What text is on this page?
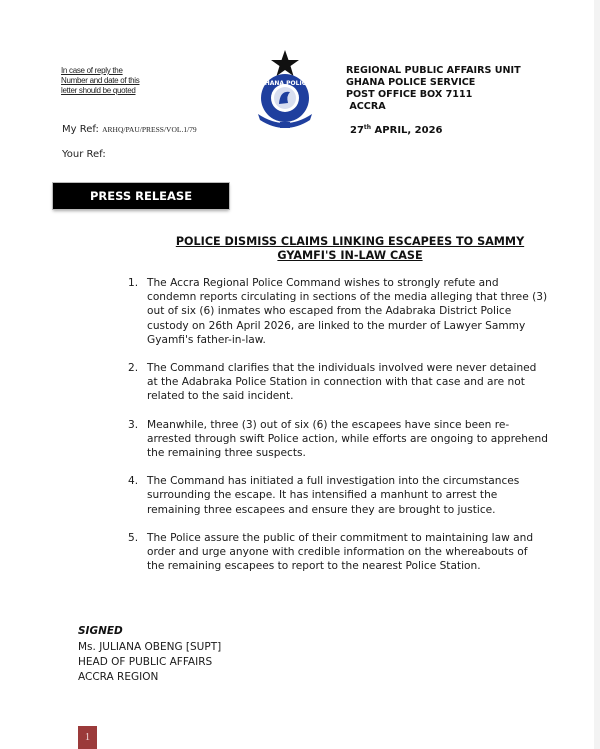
In case of reply the
Number and date of this
letter should be quoted
My Ref: ARHQ/PAU/PRESS/VOL.1/79
Your Ref:
GHANA POLICE
REGIONAL PUBLIC AFFAIRS UNIT
GHANA POLICE SERVICE
POST OFFICE BOX 7111
ACCRA
27th APRIL, 2026
PRESS RELEASE
POLICE DISMISS CLAIMS LINKING ESCAPEES TO SAMMY GYAMFI'S IN-LAW CASE
1. The Accra Regional Police Command wishes to strongly refute and condemn reports circulating in sections of the media alleging that three (3) out of six (6) inmates who escaped from the Adabraka District Police custody on 26th April 2026, are linked to the murder of Lawyer Sammy Gyamfi's father-in-law.
2. The Command clarifies that the individuals involved were never detained at the Adabraka Police Station in connection with that case and are not related to the said incident.
3. Meanwhile, three (3) out of six (6) the escapees have since been re-arrested through swift Police action, while efforts are ongoing to apprehend the remaining three suspects.
4. The Command has initiated a full investigation into the circumstances surrounding the escape. It has intensified a manhunt to arrest the remaining three escapees and ensure they are brought to justice.
5. The Police assure the public of their commitment to maintaining law and order and urge anyone with credible information on the whereabouts of the remaining escapees to report to the nearest Police Station.
SIGNED
Ms. JULIANA OBENG [SUPT]
HEAD OF PUBLIC AFFAIRS
ACCRA REGION
1
